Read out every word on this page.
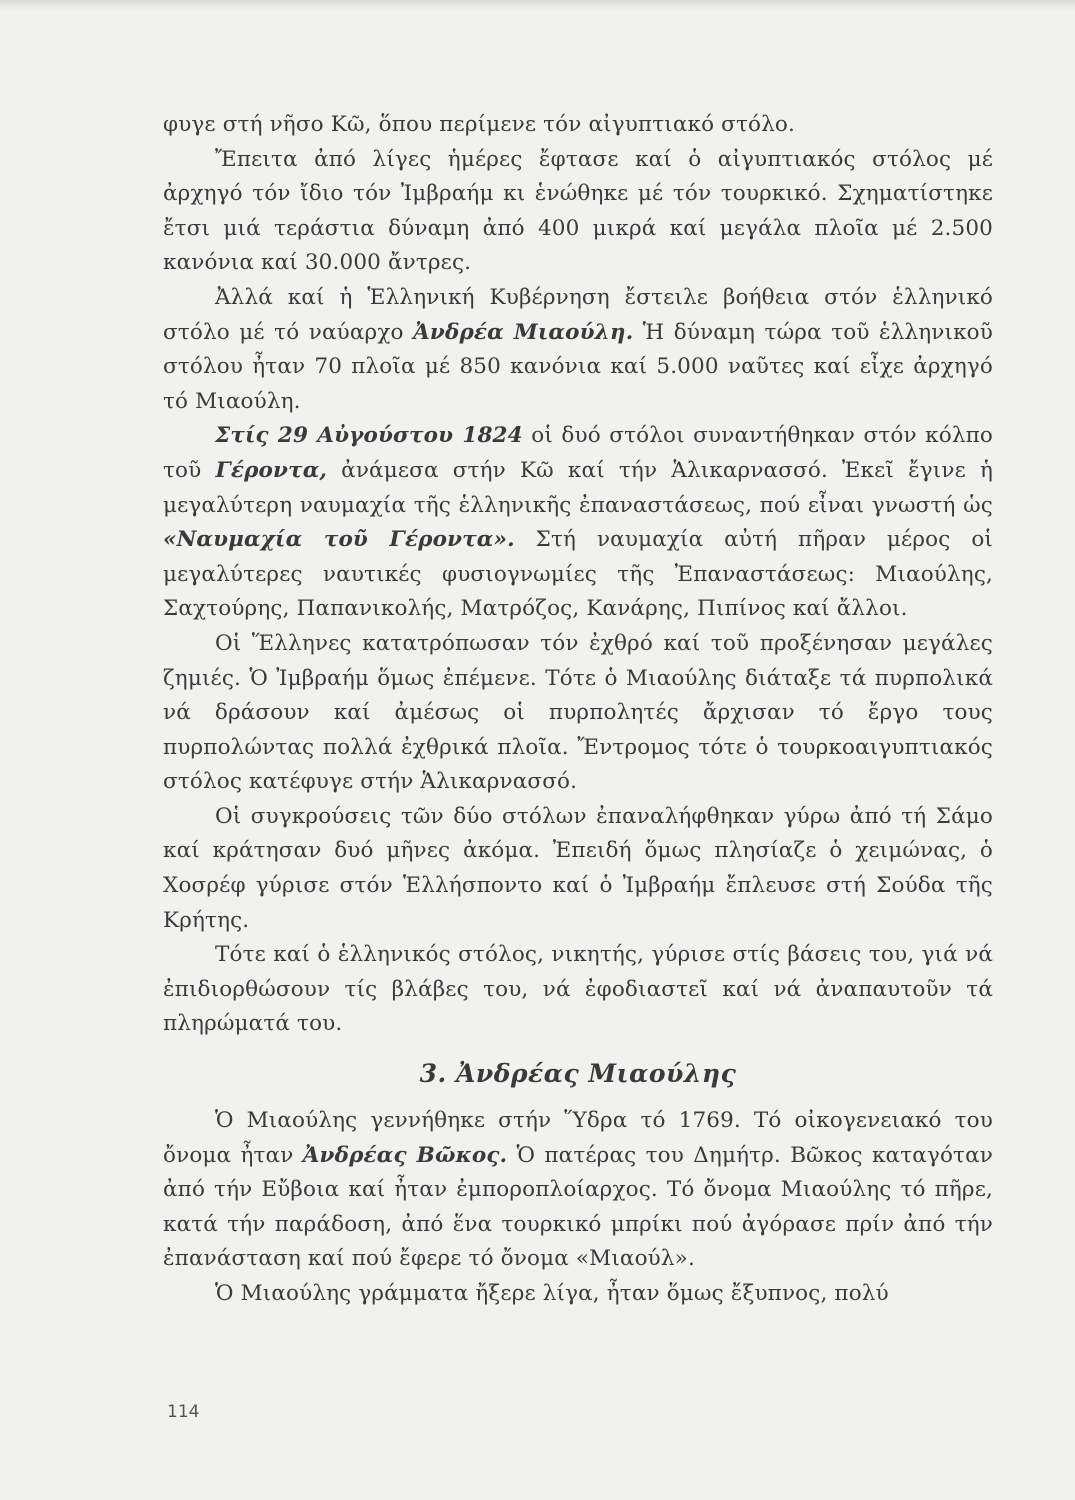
φυγε στή νῆσο Κῶ, ὅπου περίμενε τόν αἰγυπτιακό στόλο.

Ἔπειτα ἀπό λίγες ἡμέρες ἔφτασε καί ὁ αἰγυπτιακός στόλος μέ ἀρχηγό τόν ἴδιο τόν Ἰμβραήμ κι ἑνώθηκε μέ τόν τουρκικό. Σχηματίστηκε ἔτσι μιά τεράστια δύναμη ἀπό 400 μικρά καί μεγάλα πλοῖα μέ 2.500 κανόνια καί 30.000 ἄντρες.

Ἀλλά καί ἡ Ἑλληνική Κυβέρνηση ἔστειλε βοήθεια στόν ἑλληνικό στόλο μέ τό ναύαρχο Ἀνδρέα Μιαούλη. Ἡ δύναμη τώρα τοῦ ἑλληνικοῦ στόλου ἦταν 70 πλοῖα μέ 850 κανόνια καί 5.000 ναῦτες καί εἶχε ἀρχηγό τό Μιαούλη.

Στίς 29 Αὐγούστου 1824 οἱ δυό στόλοι συναντήθηκαν στόν κόλπο τοῦ Γέροντα, ἀνάμεσα στήν Κῶ καί τήν Ἁλικαρνασσό. Ἐκεῖ ἔγινε ἡ μεγαλύτερη ναυμαχία τῆς ἑλληνικῆς ἐπαναστάσεως, πού εἶναι γνωστή ὡς «Ναυμαχία τοῦ Γέροντα». Στή ναυμαχία αὐτή πῆραν μέρος οἱ μεγαλύτερες ναυτικές φυσιογνωμίες τῆς Ἐπαναστάσεως: Μιαούλης, Σαχτούρης, Παπανικολής, Ματρόζος, Κανάρης, Πιπίνος καί ἄλλοι.

Οἱ Ἕλληνες κατατρόπωσαν τόν ἐχθρό καί τοῦ προξένησαν μεγάλες ζημιές. Ὁ Ἰμβραήμ ὅμως ἐπέμενε. Τότε ὁ Μιαούλης διάταξε τά πυρπολικά νά δράσουν καί ἀμέσως οἱ πυρπολητές ἄρχισαν τό ἔργο τους πυρπολώντας πολλά ἐχθρικά πλοῖα. Ἔντρομος τότε ὁ τουρκοαιγυπτιακός στόλος κατέφυγε στήν Ἁλικαρνασσό.

Οἱ συγκρούσεις τῶν δύο στόλων ἐπαναλήφθηκαν γύρω ἀπό τή Σάμο καί κράτησαν δυό μῆνες ἀκόμα. Ἐπειδή ὅμως πλησίαζε ὁ χειμώνας, ὁ Χοσρέφ γύρισε στόν Ἑλλήσποντο καί ὁ Ἰμβραήμ ἔπλευσε στή Σούδα τῆς Κρήτης.

Τότε καί ὁ ἑλληνικός στόλος, νικητής, γύρισε στίς βάσεις του, γιά νά ἐπιδιορθώσουν τίς βλάβες του, νά ἐφοδιαστεῖ καί νά ἀναπαυτοῦν τά πληρώματά του.

3. Ἀνδρέας Μιαούλης

Ὁ Μιαούλης γεννήθηκε στήν Ὕδρα τό 1769. Τό οἰκογενειακό του ὄνομα ἦταν Ἀνδρέας Βῶκος. Ὁ πατέρας του Δημήτρ. Βῶκος καταγόταν ἀπό τήν Εὔβοια καί ἦταν ἐμποροπλοίαρχος. Τό ὄνομα Μιαούλης τό πῆρε, κατά τήν παράδοση, ἀπό ἕνα τουρκικό μπρίκι πού ἀγόρασε πρίν ἀπό τήν ἐπανάσταση καί πού ἔφερε τό ὄνομα «Μιαούλ».

Ὁ Μιαούλης γράμματα ἤξερε λίγα, ἦταν ὅμως ἔξυπνος, πολύ

114
